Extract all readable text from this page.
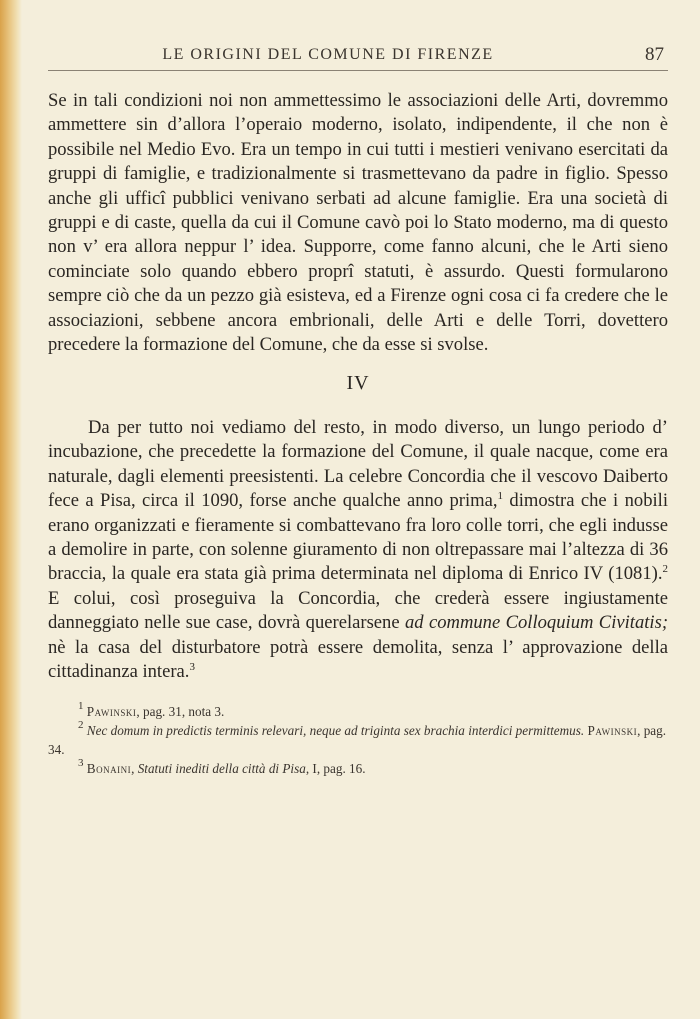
LE ORIGINI DEL COMUNE DI FIRENZE	87

Se in tali condizioni noi non ammettessimo le associazioni delle Arti, dovremmo ammettere sin d’allora l’operaio moderno, isolato, indipendente, il che non è possibile nel Medio Evo. Era un tempo in cui tutti i mestieri venivano esercitati da gruppi di famiglie, e tradizionalmente si trasmettevano da padre in figlio. Spesso anche gli ufficî pubblici venivano serbati ad alcune famiglie. Era una società di gruppi e di caste, quella da cui il Comune cavò poi lo Stato moderno, ma di questo non v’ era allora neppur l’ idea. Supporre, come fanno alcuni, che le Arti sieno cominciate solo quando ebbero proprî statuti, è assurdo. Questi formularono sempre ciò che da un pezzo già esisteva, ed a Firenze ogni cosa ci fa credere che le associazioni, sebbene ancora embrionali, delle Arti e delle Torri, dovettero precedere la formazione del Comune, che da esse si svolse.

IV

Da per tutto noi vediamo del resto, in modo diverso, un lungo periodo d’ incubazione, che precedette la formazione del Comune, il quale nacque, come era naturale, dagli elementi preesistenti. La celebre Concordia che il vescovo Daiberto fece a Pisa, circa il 1090, forse anche qualche anno prima,$^1$ dimostra che i nobili erano organizzati e fieramente si combattevano fra loro colle torri, che egli indusse a demolire in parte, con solenne giuramento di non oltrepassare mai l’altezza di 36 braccia, la quale era stata già prima determinata nel diploma di Enrico IV (1081).$^2$ E colui, così proseguiva la Concordia, che crederà essere ingiustamente danneggiato nelle sue case, dovrà querelarsene ad commune Colloquium Civitatis; nè la casa del disturbatore potrà essere demolita, senza l’ approvazione della cittadinanza intera.$^3$

$^1$ Pawinski, pag. 31, nota 3.

$^2$ Nec domum in predictis terminis relevari, neque ad triginta sex brachia interdici permittemus. Pawinski, pag. 34.

$^3$ Bonaini, Statuti inediti della città di Pisa, I, pag. 16.
